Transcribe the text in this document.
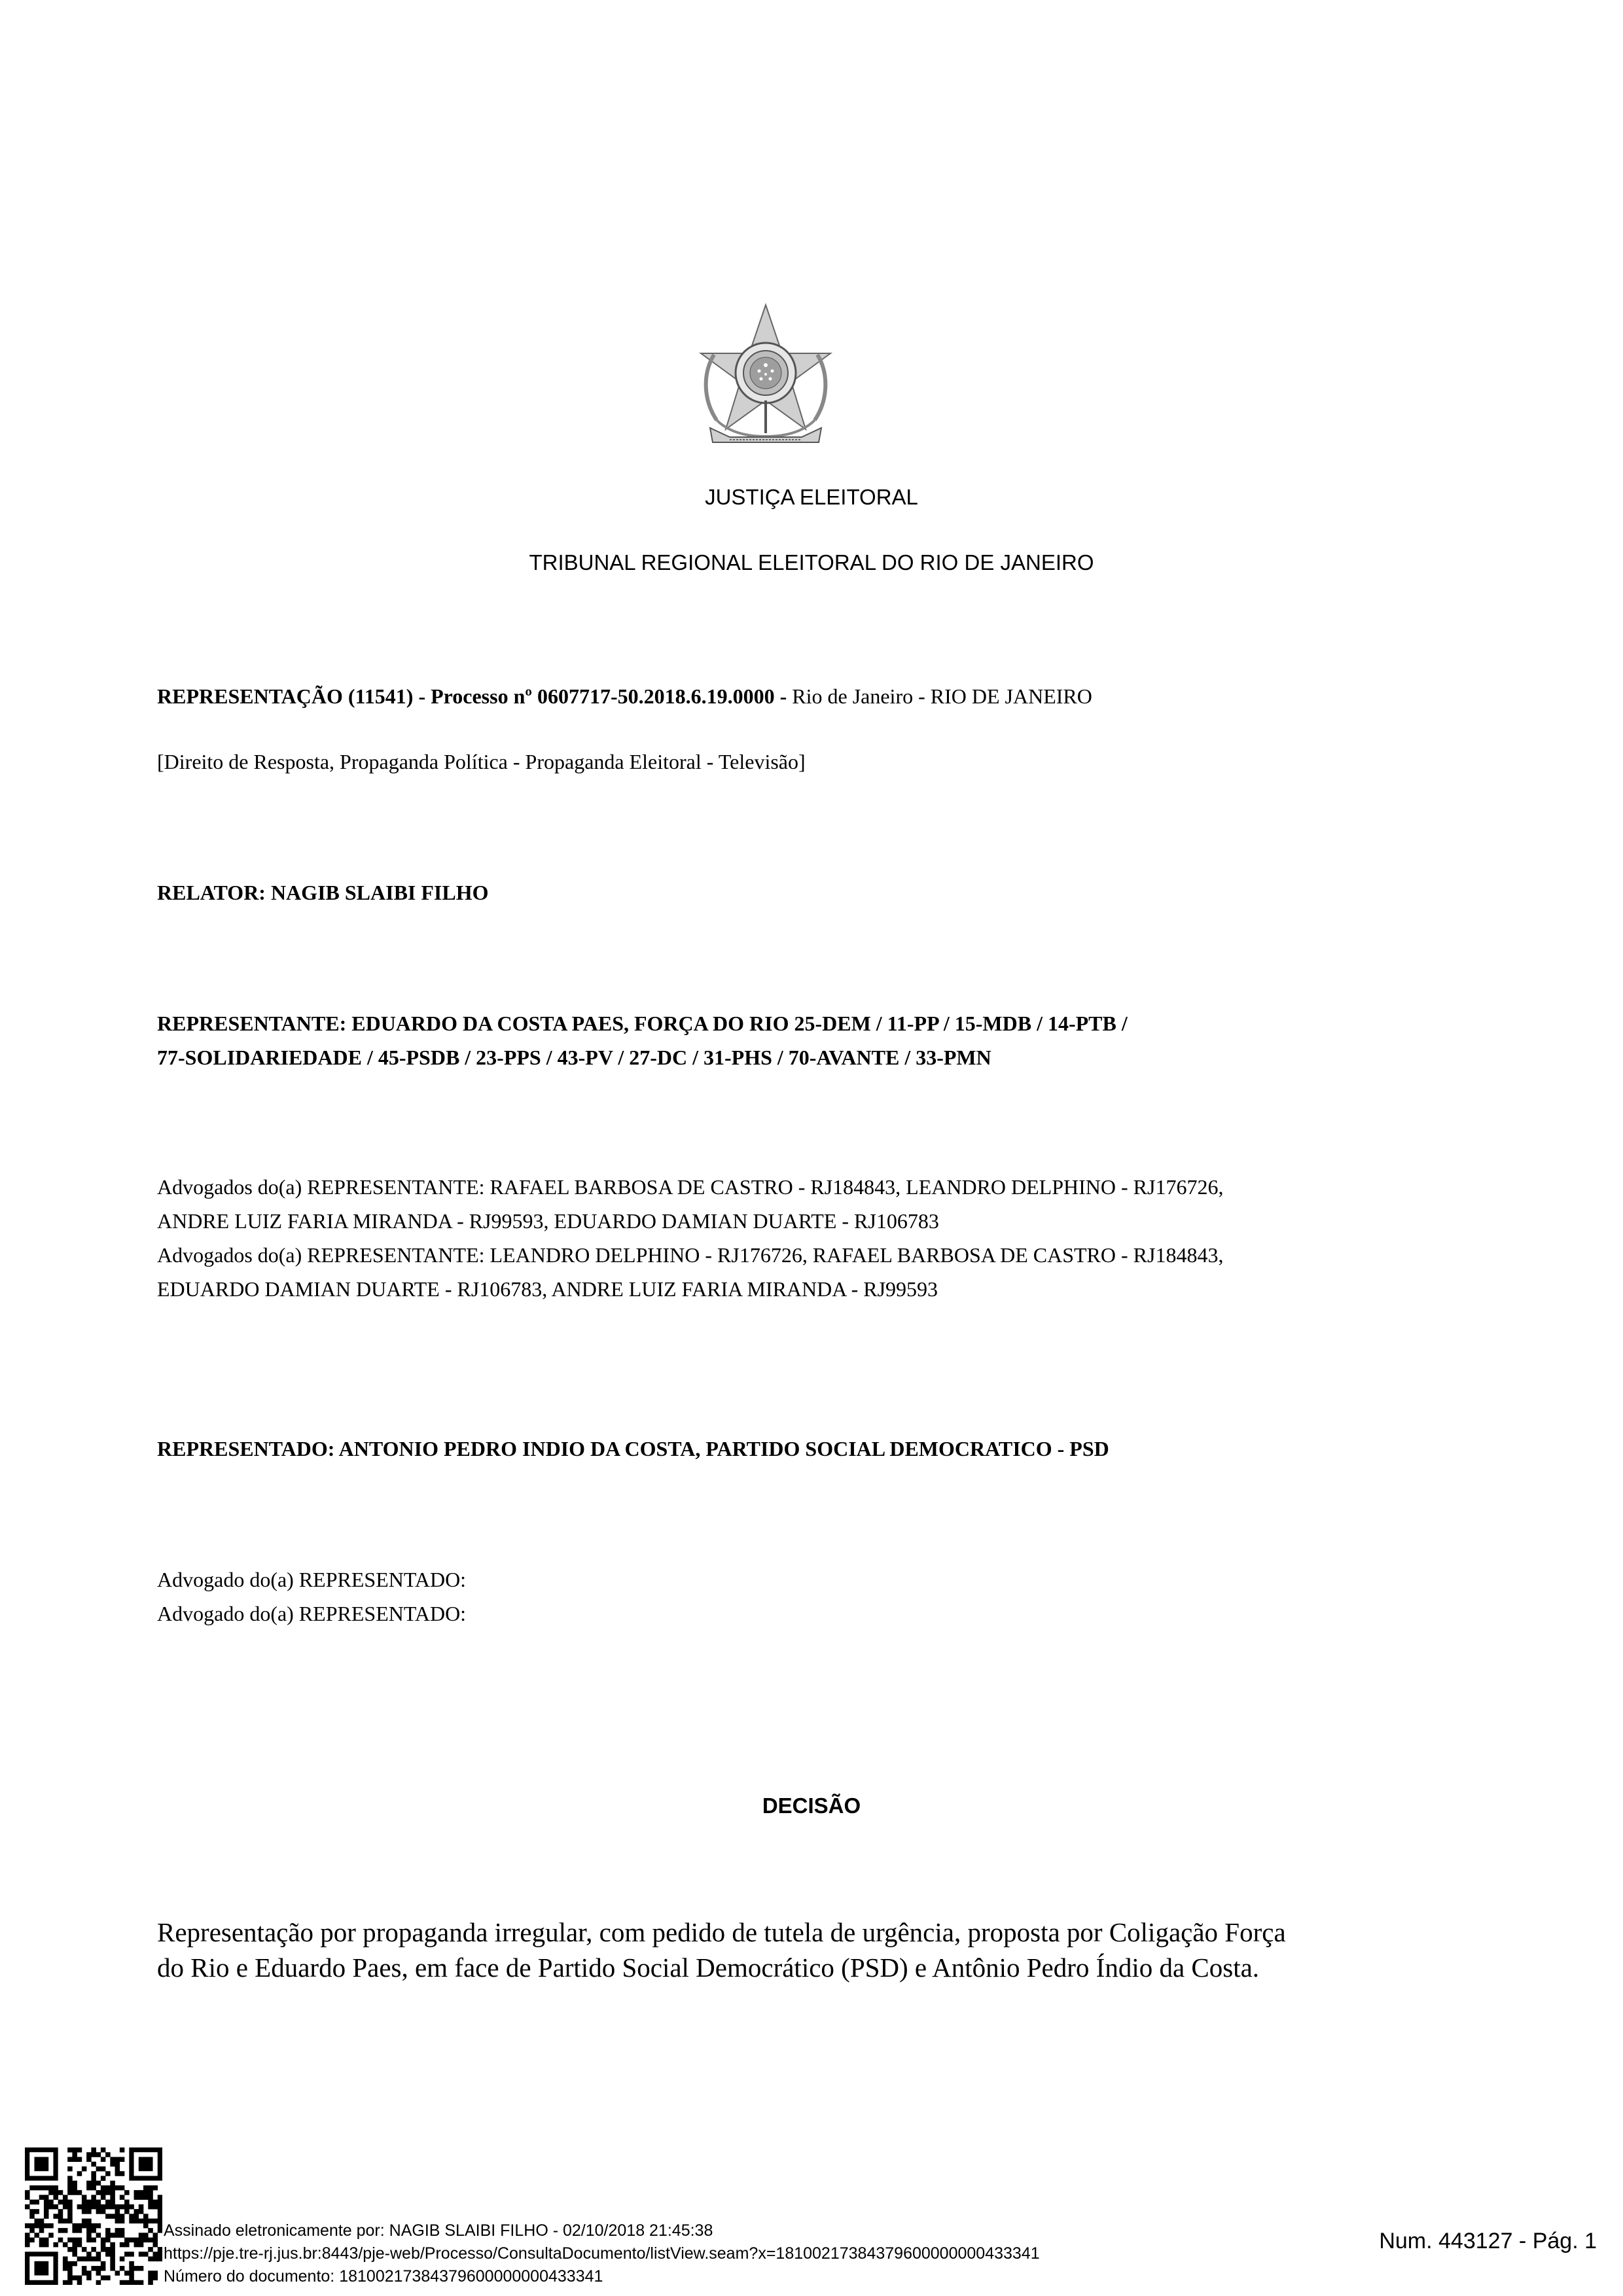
JUSTIÇA ELEITORAL
TRIBUNAL REGIONAL ELEITORAL DO RIO DE JANEIRO
REPRESENTAÇÃO (11541) - Processo nº 0607717-50.2018.6.19.0000 - Rio de Janeiro - RIO DE JANEIRO
[Direito de Resposta, Propaganda Política - Propaganda Eleitoral - Televisão]
RELATOR: NAGIB SLAIBI FILHO
REPRESENTANTE: EDUARDO DA COSTA PAES, FORÇA DO RIO 25-DEM / 11-PP / 15-MDB / 14-PTB /
77-SOLIDARIEDADE / 45-PSDB / 23-PPS / 43-PV / 27-DC / 31-PHS / 70-AVANTE / 33-PMN
Advogados do(a) REPRESENTANTE: RAFAEL BARBOSA DE CASTRO - RJ184843, LEANDRO DELPHINO - RJ176726,
ANDRE LUIZ FARIA MIRANDA - RJ99593, EDUARDO DAMIAN DUARTE - RJ106783
Advogados do(a) REPRESENTANTE: LEANDRO DELPHINO - RJ176726, RAFAEL BARBOSA DE CASTRO - RJ184843,
EDUARDO DAMIAN DUARTE - RJ106783, ANDRE LUIZ FARIA MIRANDA - RJ99593
REPRESENTADO: ANTONIO PEDRO INDIO DA COSTA, PARTIDO SOCIAL DEMOCRATICO - PSD
Advogado do(a) REPRESENTADO:
Advogado do(a) REPRESENTADO:
DECISÃO
Representação por propaganda irregular, com pedido de tutela de urgência, proposta por Coligação Força
do Rio e Eduardo Paes, em face de Partido Social Democrático (PSD) e Antônio Pedro Índio da Costa.
Assinado eletronicamente por: NAGIB SLAIBI FILHO - 02/10/2018 21:45:38
https://pje.tre-rj.jus.br:8443/pje-web/Processo/ConsultaDocumento/listView.seam?x=18100217384379600000000433341
Número do documento: 18100217384379600000000433341
Num. 443127 - Pág. 1
